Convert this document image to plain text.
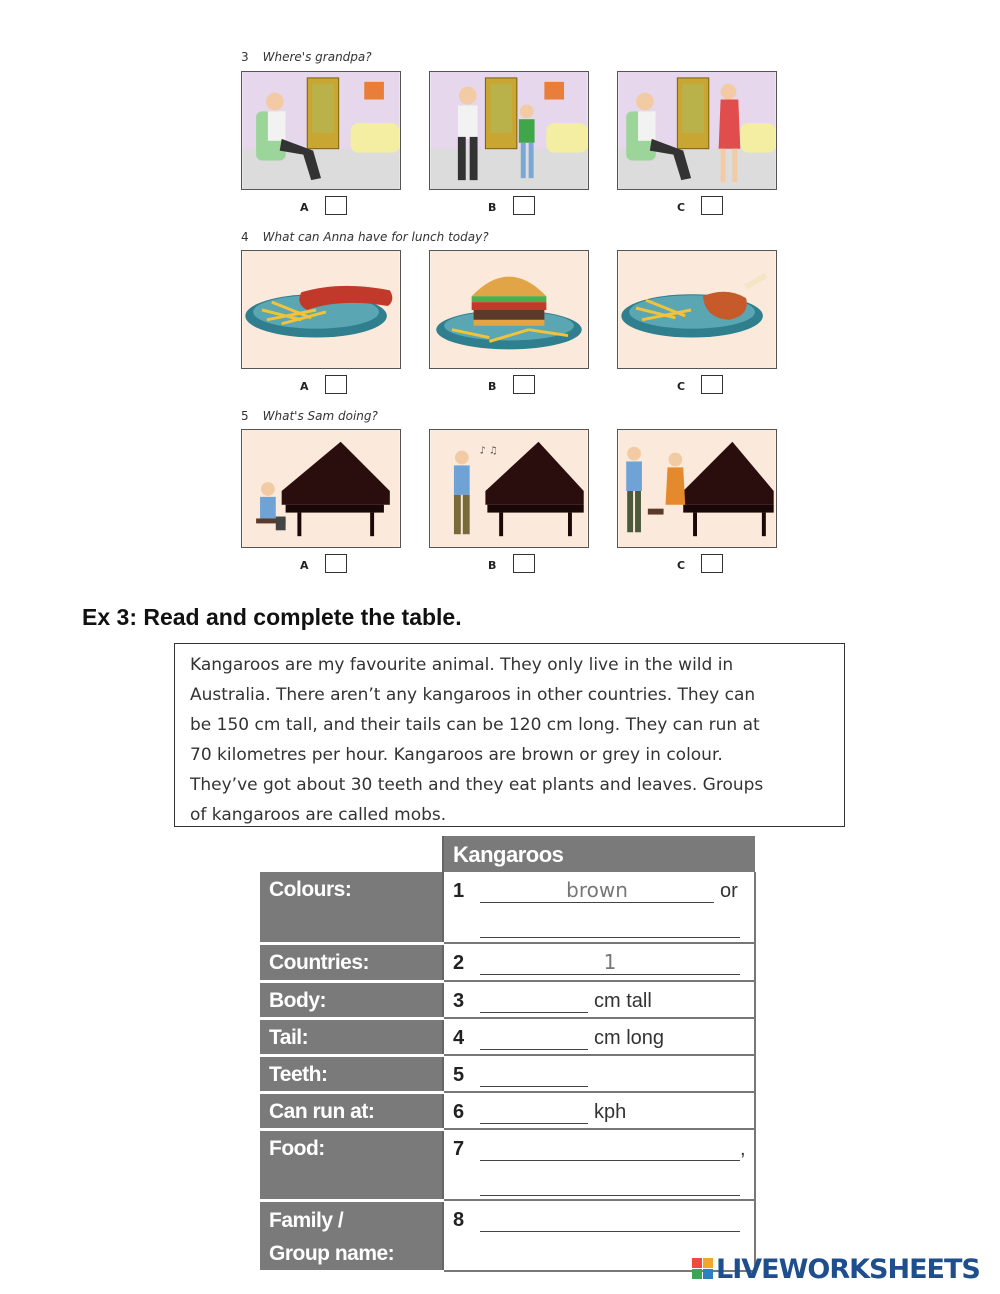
3 Where's grandpa?
A	B	C
4 What can Anna have for lunch today?
A	B	C
5 What's Sam doing?
♪ ♫
A	B	C
Ex 3: Read and complete the table.

Kangaroos are my favourite animal. They only live in the wild in

Australia. There aren’t any kangaroos in other countries. They can

be 150 cm tall, and their tails can be 120 cm long. They can run at

70 kilometres per hour. Kangaroos are brown or grey in colour.

They’ve got about 30 teeth and they eat plants and leaves. Groups

of kangaroos are called mobs.

	Kangaroos
Colours:	1brown or

Countries:	21
Body:	3 cm tall
Tail:	4 cm long
Teeth:	5
Can run at:	6 kph
Food:	7 ,

Family /
Group name:	8
LIVEWORKSHEETS
